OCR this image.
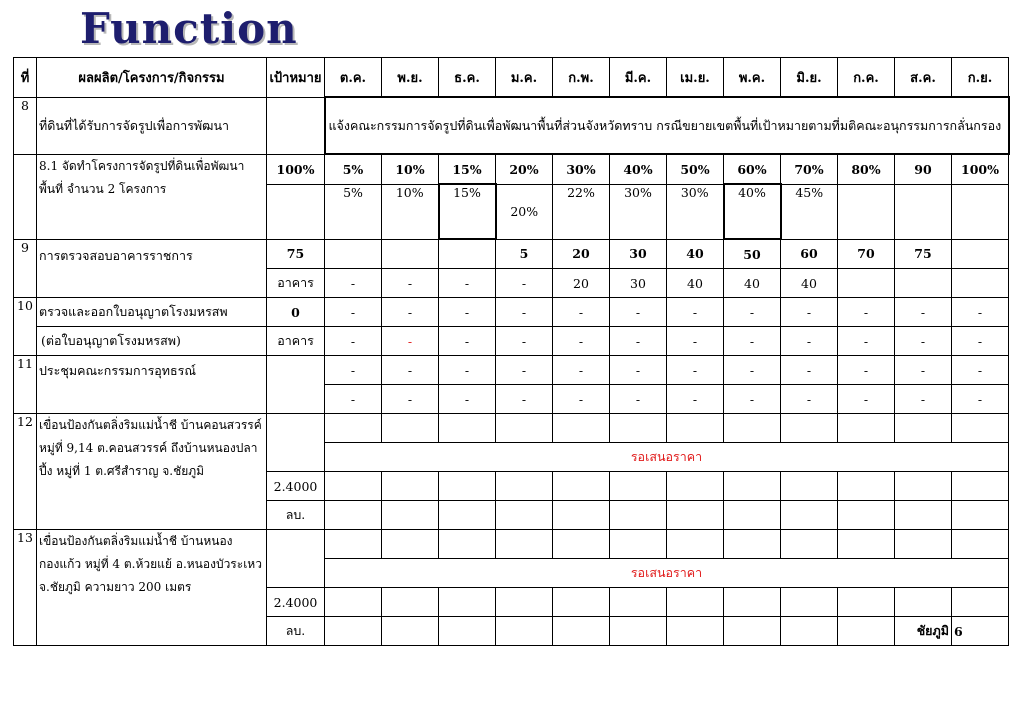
Function
ที่	ผลผลิต/โครงการ/กิจกรรม	เป้าหมาย	ต.ค.	พ.ย.	ธ.ค.	ม.ค.	ก.พ.	มี.ค.	เม.ย.	พ.ค.	มิ.ย.	ก.ค.	ส.ค.	ก.ย.
8	ที่ดินที่ได้รับการจัดรูปเพื่อการพัฒนา		แจ้งคณะกรรมการจัดรูปที่ดินเพื่อพัฒนาพื้นที่ส่วนจังหวัดทราบ กรณีขยายเขตพื้นที่เป้าหมายตามที่มติคณะอนุกรรมการกลั่นกรอง											
	8.1 จัดทำโครงการจัดรูปที่ดินเพื่อพัฒนาพื้นที่ จำนวน 2 โครงการ	100%	5%	10%	15%	20%	30%	40%	50%	60%	70%	80%	90	100%
			5%	10%	15%	20%	22%	30%	30%	40%	45%			
9	การตรวจสอบอาคารราชการ	75				5	20	30	40	50	60	70	75	
		อาคาร	-	-	-	-	20	30	40	40	40			
10	ตรวจและออกใบอนุญาตโรงมหรสพ	0	-	-	-	-	-	-	-	-	-	-	-	-
	(ต่อใบอนุญาตโรงมหรสพ)	อาคาร	-	-	-	-	-	-	-	-	-	-	-	-
11	ประชุมคณะกรรมการอุทธรณ์		-	-	-	-	-	-	-	-	-	-	-	-
			-	-	-	-	-	-	-	-	-	-	-	-
12	เขื่อนป้องกันตลิ่งริมแม่น้ำชี บ้านคอนสวรรค์ หมู่ที่ 9,14 ต.คอนสวรรค์ ถึงบ้านหนองปลาปึ้ง หมู่ที่ 1 ต.ศรีสำราญ จ.ชัยภูมิ													
			รอเสนอราคา											
		2.4000												
		ลบ.												
13	เขื่อนป้องกันตลิ่งริมแม่น้ำชี บ้านหนองกองแก้ว หมู่ที่ 4 ต.ห้วยแย้ อ.หนองบัวระเหว จ.ชัยภูมิ ความยาว 200 เมตร													
			รอเสนอราคา											
		2.4000												
		ลบ.											ชัยภูมิ	6
